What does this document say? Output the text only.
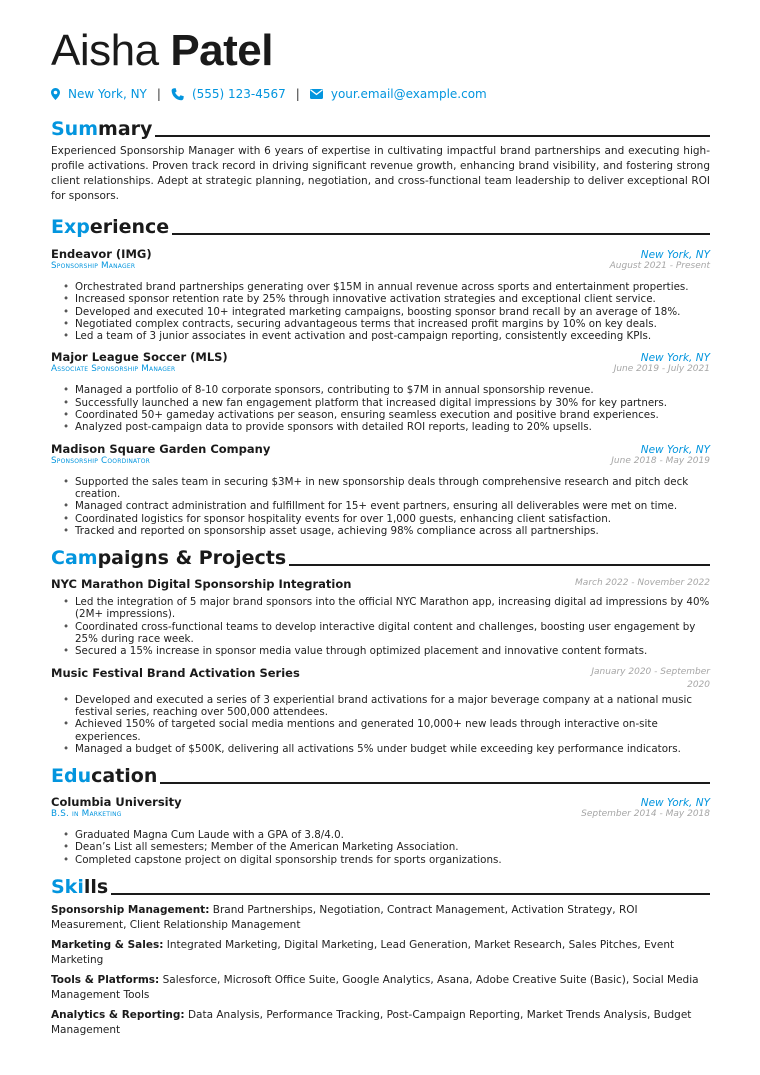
Aisha Patel
New York, NY |	(555) 123-4567 |	your.email@example.com
Summary

Experienced Sponsorship Manager with 6 years of expertise in cultivating impactful brand partnerships and executing high-profile activations. Proven track record in driving significant revenue growth, enhancing brand visibility, and fostering strong client relationships. Adept at strategic planning, negotiation, and cross-functional team leadership to deliver exceptional ROI for sponsors.

Experience
Endeavor (IMG)	New York, NY
Sponsorship Manager	August 2021 - Present
• Orchestrated brand partnerships generating over $15M in annual revenue across sports and entertainment properties.
• Increased sponsor retention rate by 25% through innovative activation strategies and exceptional client service.
• Developed and executed 10+ integrated marketing campaigns, boosting sponsor brand recall by an average of 18%.
• Negotiated complex contracts, securing advantageous terms that increased profit margins by 10% on key deals.
• Led a team of 3 junior associates in event activation and post-campaign reporting, consistently exceeding KPIs.
Major League Soccer (MLS)	New York, NY
Associate Sponsorship Manager	June 2019 - July 2021
• Managed a portfolio of 8-10 corporate sponsors, contributing to $7M in annual sponsorship revenue.
• Successfully launched a new fan engagement platform that increased digital impressions by 30% for key partners.
• Coordinated 50+ gameday activations per season, ensuring seamless execution and positive brand experiences.
• Analyzed post-campaign data to provide sponsors with detailed ROI reports, leading to 20% upsells.
Madison Square Garden Company	New York, NY
Sponsorship Coordinator	June 2018 - May 2019
• Supported the sales team in securing $3M+ in new sponsorship deals through comprehensive research and pitch deck creation.
• Managed contract administration and fulfillment for 15+ event partners, ensuring all deliverables were met on time.
• Coordinated logistics for sponsor hospitality events for over 1,000 guests, enhancing client satisfaction.
• Tracked and reported on sponsorship asset usage, achieving 98% compliance across all partnerships.
Campaigns & Projects
NYC Marathon Digital Sponsorship Integration	March 2022 - November 2022
• Led the integration of 5 major brand sponsors into the official NYC Marathon app, increasing digital ad impressions by 40% (2M+ impressions).
• Coordinated cross-functional teams to develop interactive digital content and challenges, boosting user engagement by 25% during race week.
• Secured a 15% increase in sponsor media value through optimized placement and innovative content formats.
Music Festival Brand Activation Series	January 2020 - September 2020
• Developed and executed a series of 3 experiential brand activations for a major beverage company at a national music festival series, reaching over 500,000 attendees.
• Achieved 150% of targeted social media mentions and generated 10,000+ new leads through interactive on-site experiences.
• Managed a budget of $500K, delivering all activations 5% under budget while exceeding key performance indicators.
Education
Columbia University	New York, NY
B.S. in Marketing	September 2014 - May 2018
• Graduated Magna Cum Laude with a GPA of 3.8/4.0.
• Dean’s List all semesters; Member of the American Marketing Association.
• Completed capstone project on digital sponsorship trends for sports organizations.
Skills

Sponsorship Management: Brand Partnerships, Negotiation, Contract Management, Activation Strategy, ROI Measurement, Client Relationship Management

Marketing & Sales: Integrated Marketing, Digital Marketing, Lead Generation, Market Research, Sales Pitches, Event Marketing

Tools & Platforms: Salesforce, Microsoft Office Suite, Google Analytics, Asana, Adobe Creative Suite (Basic), Social Media Management Tools

Analytics & Reporting: Data Analysis, Performance Tracking, Post-Campaign Reporting, Market Trends Analysis, Budget Management
